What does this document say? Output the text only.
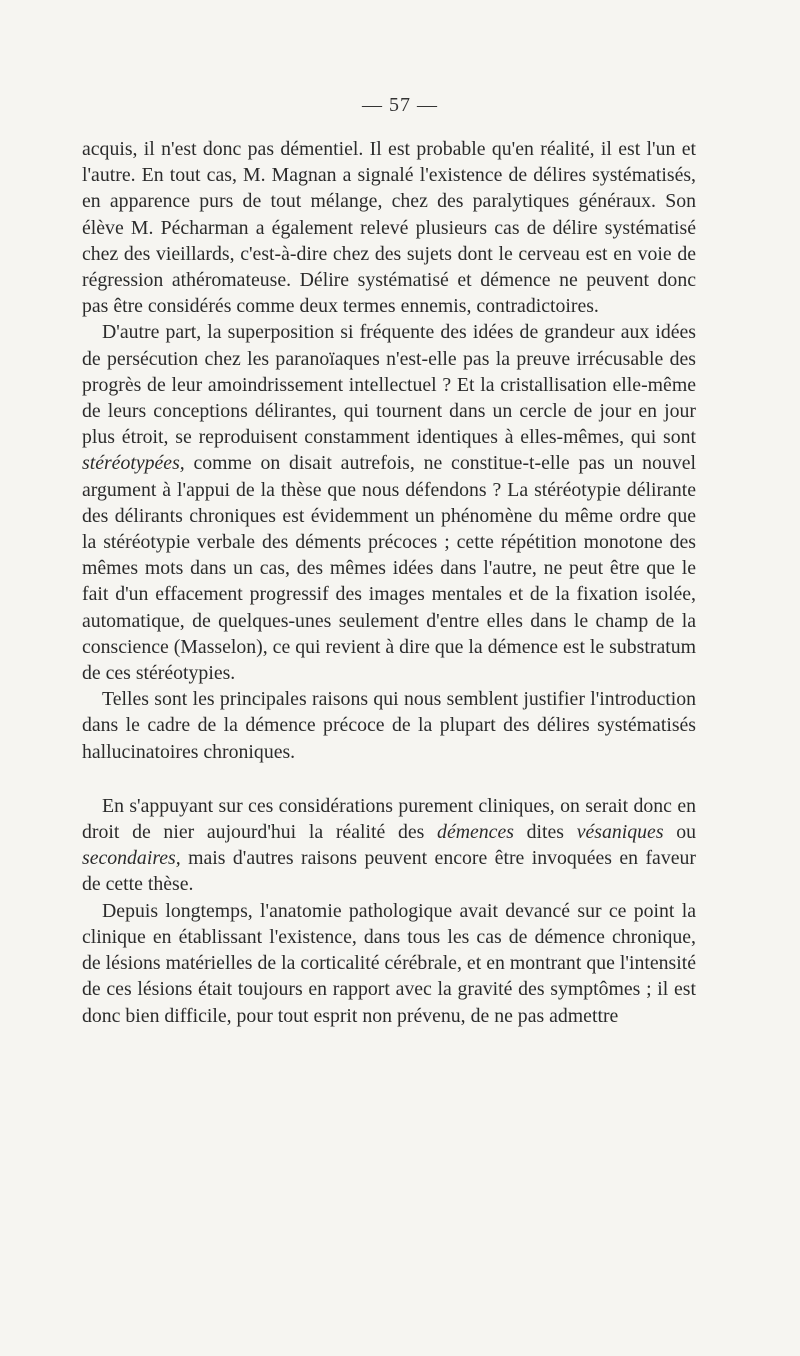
— 57 —

acquis, il n'est donc pas démentiel. Il est probable qu'en réalité, il est l'un et l'autre. En tout cas, M. Magnan a signalé l'existence de délires systématisés, en apparence purs de tout mélange, chez des paralytiques généraux. Son élève M. Pécharman a également relevé plusieurs cas de délire systématisé chez des vieillards, c'est-à-dire chez des sujets dont le cerveau est en voie de régression athéromateuse. Délire systématisé et démence ne peuvent donc pas être considérés comme deux termes ennemis, contradictoires.

D'autre part, la superposition si fréquente des idées de grandeur aux idées de persécution chez les paranoïaques n'est-elle pas la preuve irrécusable des progrès de leur amoindrissement intellectuel ? Et la cristallisation elle-même de leurs conceptions délirantes, qui tournent dans un cercle de jour en jour plus étroit, se reproduisent constamment identiques à elles-mêmes, qui sont stéréotypées, comme on disait autrefois, ne constitue-t-elle pas un nouvel argument à l'appui de la thèse que nous défendons ? La stéréotypie délirante des délirants chroniques est évidemment un phénomène du même ordre que la stéréotypie verbale des déments précoces ; cette répétition monotone des mêmes mots dans un cas, des mêmes idées dans l'autre, ne peut être que le fait d'un effacement progressif des images mentales et de la fixation isolée, automatique, de quelques-unes seulement d'entre elles dans le champ de la conscience (Masselon), ce qui revient à dire que la démence est le substratum de ces stéréotypies.

Telles sont les principales raisons qui nous semblent justifier l'introduction dans le cadre de la démence précoce de la plupart des délires systématisés hallucinatoires chroniques.

En s'appuyant sur ces considérations purement cliniques, on serait donc en droit de nier aujourd'hui la réalité des démences dites vésaniques ou secondaires, mais d'autres raisons peuvent encore être invoquées en faveur de cette thèse.

Depuis longtemps, l'anatomie pathologique avait devancé sur ce point la clinique en établissant l'existence, dans tous les cas de démence chronique, de lésions matérielles de la corticalité cérébrale, et en montrant que l'intensité de ces lésions était toujours en rapport avec la gravité des symptômes ; il est donc bien difficile, pour tout esprit non prévenu, de ne pas admettre
